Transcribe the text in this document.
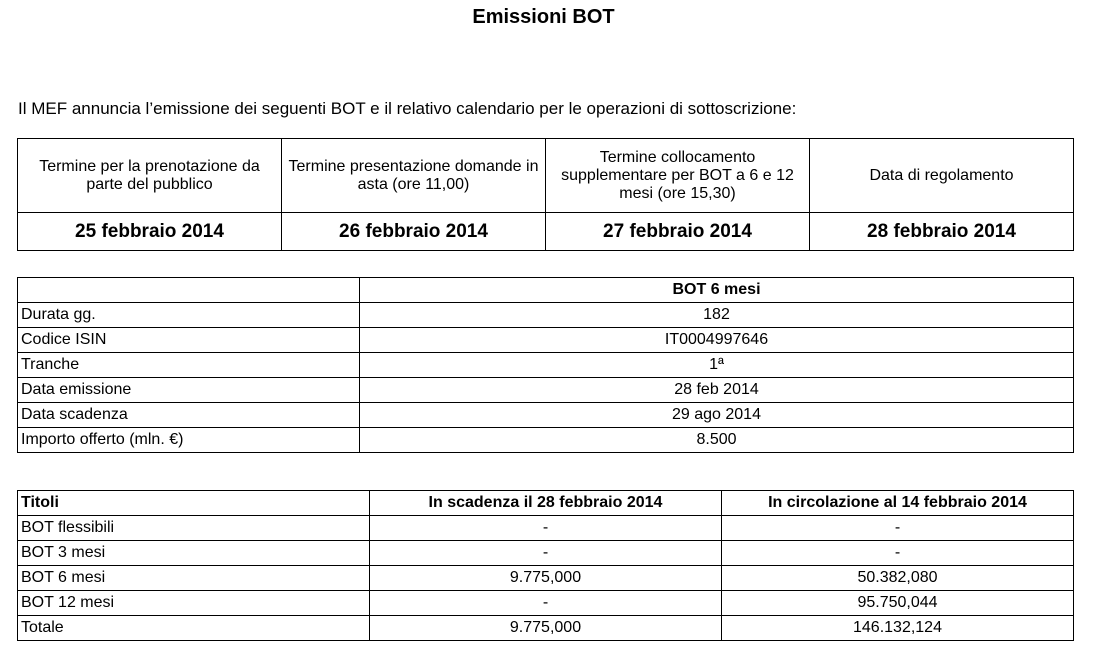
Emissioni BOT
Il MEF annuncia l’emissione dei seguenti BOT e il relativo calendario per le operazioni di sottoscrizione:
Termine per la prenotazione da parte del pubblico	Termine presentazione domande in asta (ore 11,00)	Termine collocamento supplementare per BOT a 6 e 12 mesi (ore 15,30)	Data di regolamento
25 febbraio 2014	26 febbraio 2014	27 febbraio 2014	28 febbraio 2014
	BOT 6 mesi
Durata gg.	182
Codice ISIN	IT0004997646
Tranche	1ª
Data emissione	28 feb 2014
Data scadenza	29 ago 2014
Importo offerto (mln. €)	8.500
Titoli	In scadenza il 28 febbraio 2014	In circolazione al 14 febbraio 2014
BOT flessibili	-	-
BOT 3 mesi	-	-
BOT 6 mesi	9.775,000	50.382,080
BOT 12 mesi	-	95.750,044
Totale	9.775,000	146.132,124
